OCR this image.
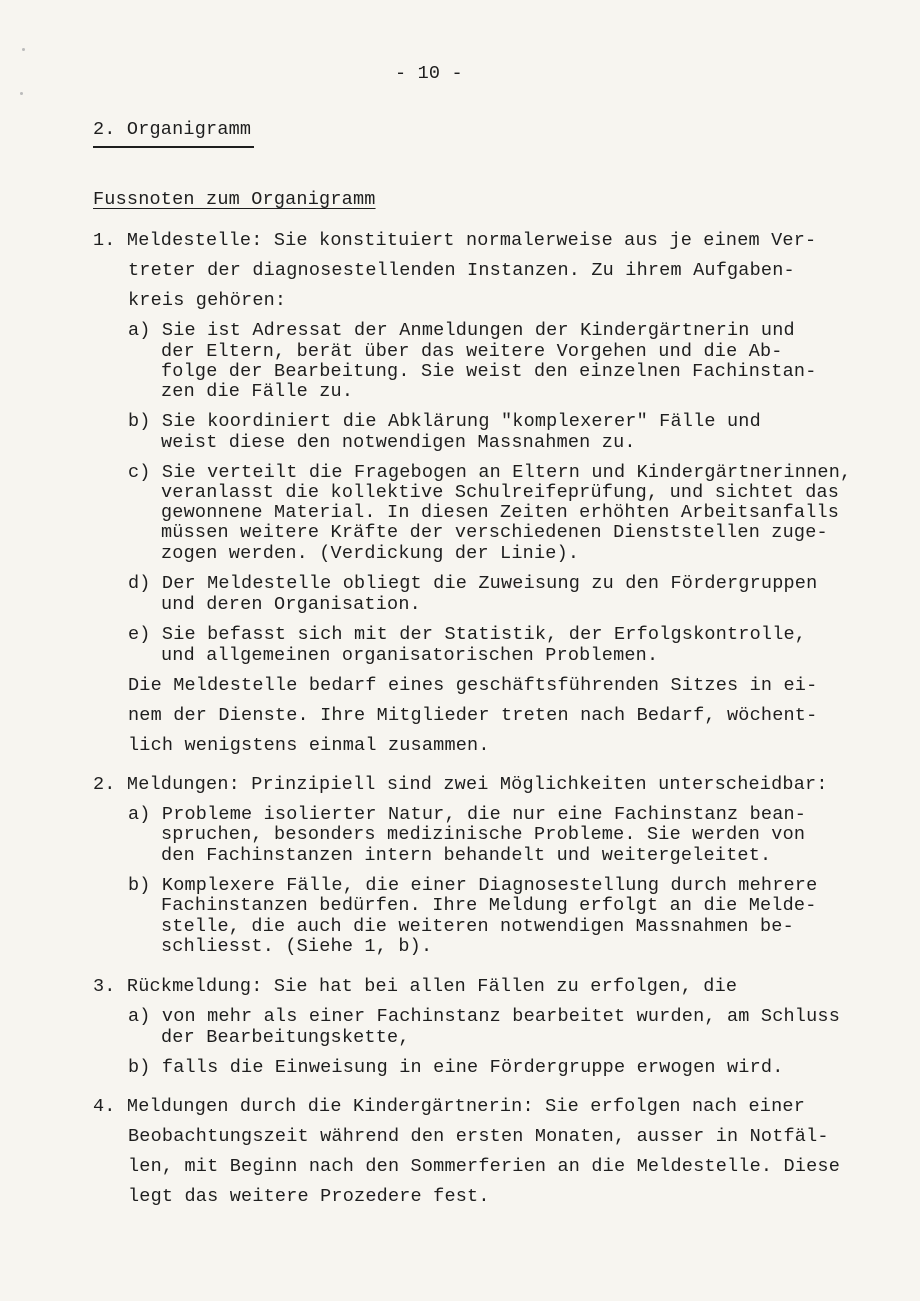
- 10 -
2. Organigramm
Fussnoten zum Organigramm
1. Meldestelle: Sie konstituiert normalerweise aus je einem Ver-
treter der diagnosestellenden Instanzen. Zu ihrem Aufgaben-
kreis gehören:
a) Sie ist Adressat der Anmeldungen der Kindergärtnerin und
der Eltern, berät über das weitere Vorgehen und die Ab-
folge der Bearbeitung. Sie weist den einzelnen Fachinstan-
zen die Fälle zu.
b) Sie koordiniert die Abklärung "komplexerer" Fälle und
weist diese den notwendigen Massnahmen zu.
c) Sie verteilt die Fragebogen an Eltern und Kindergärtnerinnen,
veranlasst die kollektive Schulreifeprüfung, und sichtet das
gewonnene Material. In diesen Zeiten erhöhten Arbeitsanfalls
müssen weitere Kräfte der verschiedenen Dienststellen zuge-
zogen werden. (Verdickung der Linie).
d) Der Meldestelle obliegt die Zuweisung zu den Fördergruppen
und deren Organisation.
e) Sie befasst sich mit der Statistik, der Erfolgskontrolle,
und allgemeinen organisatorischen Problemen.
Die Meldestelle bedarf eines geschäftsführenden Sitzes in ei-
nem der Dienste. Ihre Mitglieder treten nach Bedarf, wöchent-
lich wenigstens einmal zusammen.
2. Meldungen: Prinzipiell sind zwei Möglichkeiten unterscheidbar:
a) Probleme isolierter Natur, die nur eine Fachinstanz bean-
spruchen, besonders medizinische Probleme. Sie werden von
den Fachinstanzen intern behandelt und weitergeleitet.
b) Komplexere Fälle, die einer Diagnosestellung durch mehrere
Fachinstanzen bedürfen. Ihre Meldung erfolgt an die Melde-
stelle, die auch die weiteren notwendigen Massnahmen be-
schliesst. (Siehe 1, b).
3. Rückmeldung: Sie hat bei allen Fällen zu erfolgen, die
a) von mehr als einer Fachinstanz bearbeitet wurden, am Schluss
der Bearbeitungskette,
b) falls die Einweisung in eine Fördergruppe erwogen wird.
4. Meldungen durch die Kindergärtnerin: Sie erfolgen nach einer
Beobachtungszeit während den ersten Monaten, ausser in Notfäl-
len, mit Beginn nach den Sommerferien an die Meldestelle. Diese
legt das weitere Prozedere fest.
